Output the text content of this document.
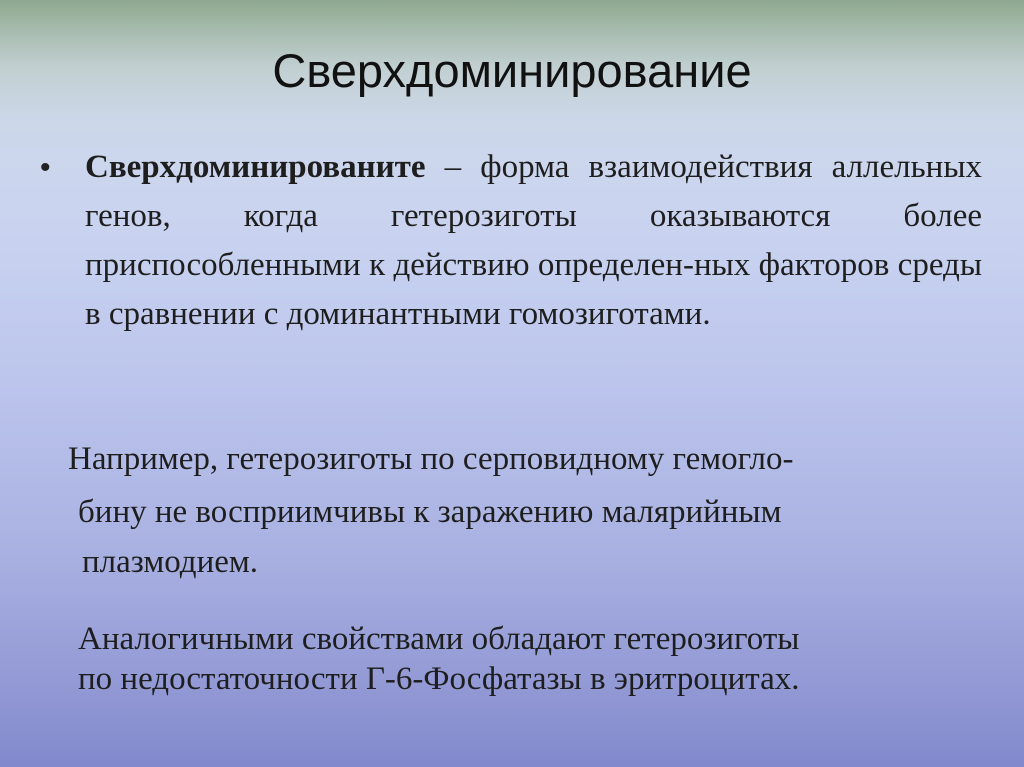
Сверхдоминирование
•	Сверхдоминированите – форма взаимодействия аллельных генов, когда гетерозиготы оказываются более приспособленными к действию определен-ных факторов среды в сравнении с доминантными гомозиготами.

Например, гетерозиготы по серповидному гемогло-
бину не восприимчивы к заражению малярийным
плазмодием.

Аналогичными свойствами обладают гетерозиготы
по недостаточности Г-6-Фосфатазы в эритроцитах.
